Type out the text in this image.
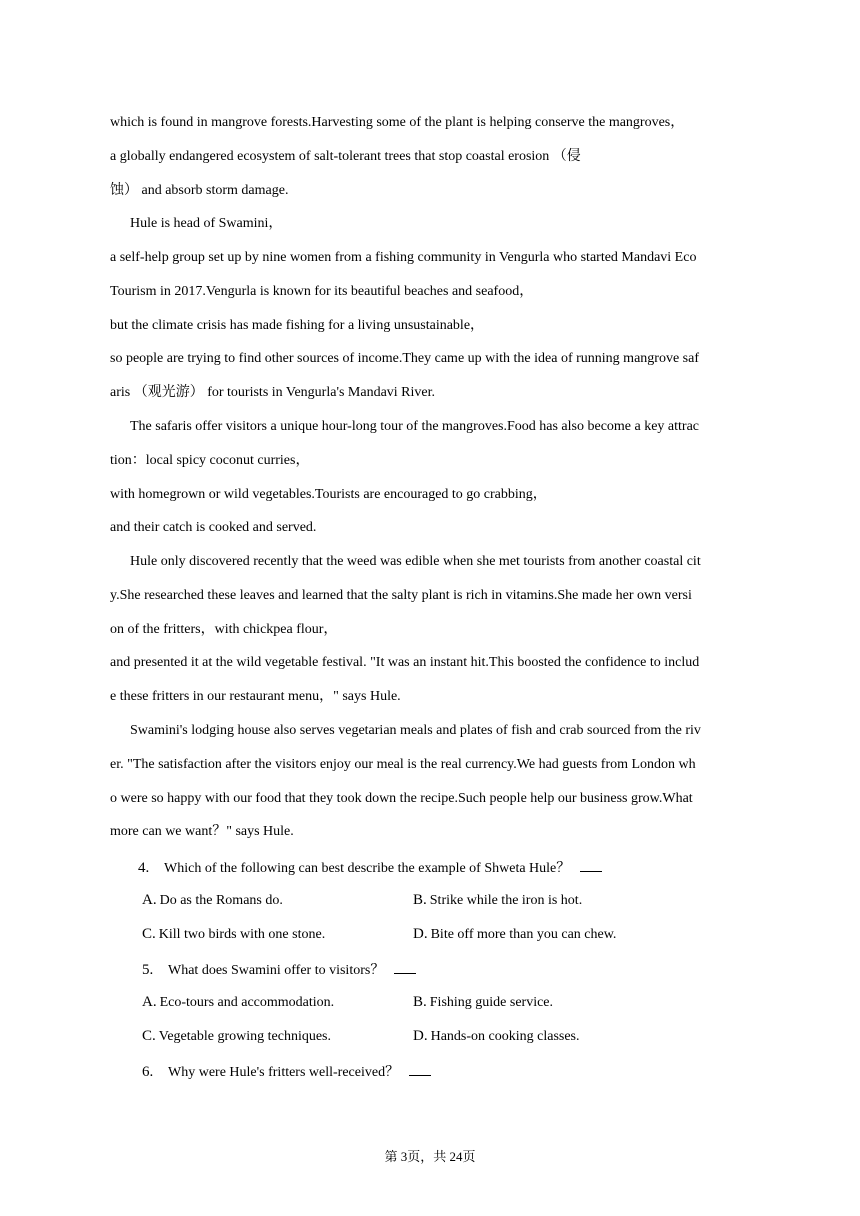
which is found in mangrove forests.Harvesting some of the plant is helping conserve the mangroves，
a globally endangered ecosystem of salt-tolerant trees that stop coastal erosion （侵
蚀） and absorb storm damage.
Hule is head of Swamini，
a self-help group set up by nine women from a fishing community in Vengurla who started Mandavi Eco
Tourism in 2017.Vengurla is known for its beautiful beaches and seafood，
but the climate crisis has made fishing for a living unsustainable，
so people are trying to find other sources of income.They came up with the idea of running mangrove saf
aris （观光游） for tourists in Vengurla's Mandavi River.
The safaris offer visitors a unique hour-long tour of the mangroves.Food has also become a key attrac
tion：local spicy coconut curries，
with homegrown or wild vegetables.Tourists are encouraged to go crabbing，
and their catch is cooked and served.
Hule only discovered recently that the weed was edible when she met tourists from another coastal cit
y.She researched these leaves and learned that the salty plant is rich in vitamins.She made her own versi
on of the fritters，with chickpea flour，
and presented it at the wild vegetable festival. "It was an instant hit.This boosted the confidence to includ
e these fritters in our restaurant menu，" says Hule.
Swamini's lodging house also serves vegetarian meals and plates of fish and crab sourced from the riv
er. "The satisfaction after the visitors enjoy our meal is the real currency.We had guests from London wh
o were so happy with our food that they took down the recipe.Such people help our business grow.What
more can we want？" says Hule.
4. Which of the following can best describe the example of Shweta Hule？
A. Do as the Romans do.	B. Strike while the iron is hot.
C. Kill two birds with one stone.	D. Bite off more than you can chew.
5. What does Swamini offer to visitors？
A. Eco-tours and accommodation.	B. Fishing guide service.
C. Vegetable growing techniques.	D. Hands-on cooking classes.
6. Why were Hule's fritters well-received？
第 3页，共 24页
